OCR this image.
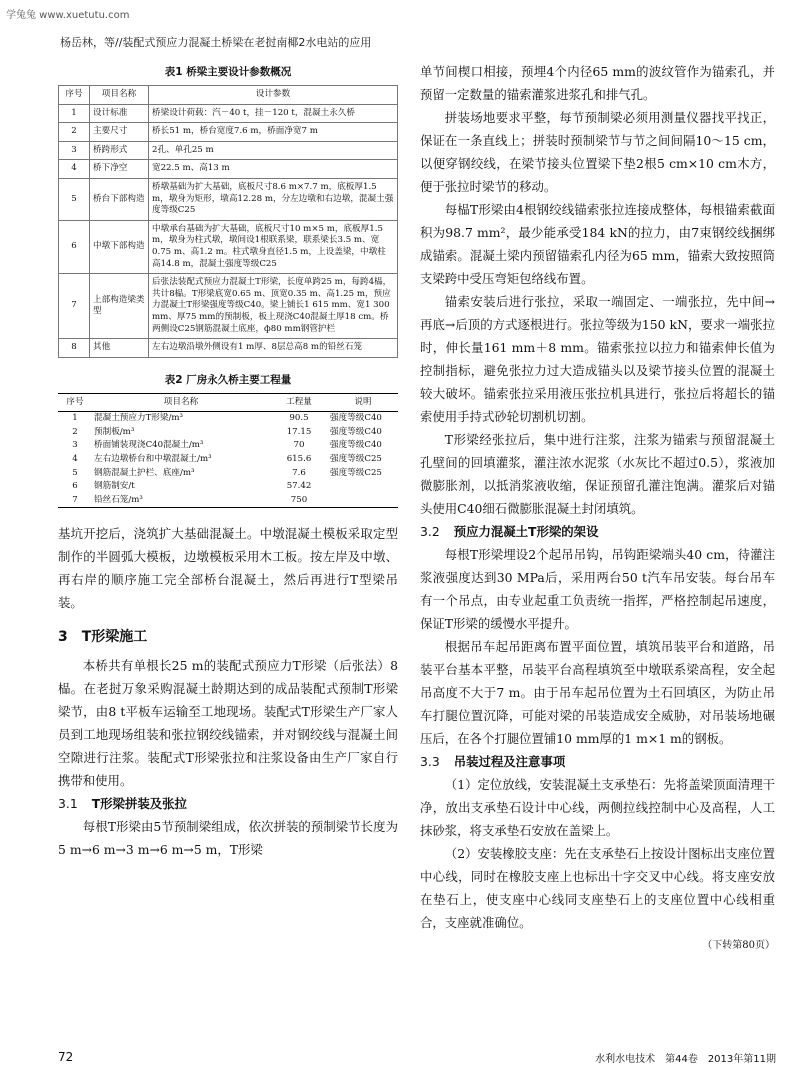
学兔兔 www.xuetutu.com
杨岳林，等//装配式预应力混凝土桥梁在老挝南椰2水电站的应用
表1 桥梁主要设计参数概况
序号	项目名称	设计参数
1	设计标准	桥梁设计荷载：汽－40 t，挂－120 t，混凝土永久桥
2	主要尺寸	桥长51 m，桥台宽度7.6 m，桥面净宽7 m
3	桥跨形式	2孔、单孔25 m
4	桥下净空	宽22.5 m、高13 m
5	桥台下部构造	桥墩基础为扩大基础，底板尺寸8.6 m×7.7 m，底板厚1.5 m，墩身为矩形，墩高12.28 m，分左边墩和右边墩，混凝土强度等级C25
6	中墩下部构造	中墩承台基础为扩大基础，底板尺寸10 m×5 m，底板厚1.5 m，墩身为柱式墩，墩间设1根联系梁，联系梁长3.5 m、宽0.75 m、高1.2 m。柱式墩身直径1.5 m，上设盖梁，中墩柱高14.8 m，混凝土强度等级C25
7	上部构造梁类型	后张法装配式预应力混凝土T形梁，长度单跨25 m，每跨4榀，共计8榀。T形梁底宽0.65 m、顶宽0.35 m、高1.25 m，预应力混凝土T形梁强度等级C40。梁上铺长1 615 mm、宽1 300 mm、厚75 mm的预制板，板上现浇C40混凝土厚18 cm。桥两侧设C25钢筋混凝土底座，ф80 mm钢管护栏
8	其他	左右边墩沿墩外侧设有1 m厚、8层总高8 m的铅丝石笼
表2 厂房永久桥主要工程量
序号	项目名称	工程量	说明
1	混凝土预应力T形梁/m³	90.5	强度等级C40
2	预制板/m³	17.15	强度等级C40
3	桥面铺装现浇C40混凝土/m³	70	强度等级C40
4	左右边墩桥台和中墩混凝土/m³	615.6	强度等级C25
5	钢筋混凝土护栏、底座/m³	7.6	强度等级C25
6	钢筋制安/t	57.42	
7	铅丝石笼/m³	750	

基坑开挖后，浇筑扩大基础混凝土。中墩混凝土模板采取定型制作的半圆弧大模板，边墩模板采用木工板。按左岸及中墩、再右岸的顺序施工完全部桥台混凝土，然后再进行T型梁吊装。

3　T形梁施工

本桥共有单根长25 m的装配式预应力T形梁（后张法）8榀。在老挝万象采购混凝土龄期达到的成品装配式预制T形梁梁节，由8 t平板车运输至工地现场。装配式T形梁生产厂家人员到工地现场组装和张拉钢绞线锚索，并对钢绞线与混凝土间空隙进行注浆。装配式T形梁张拉和注浆设备由生产厂家自行携带和使用。

3.1 T形梁拼装及张拉

每根T形梁由5节预制梁组成，依次拼装的预制梁节长度为5 m→6 m→3 m→6 m→5 m，T形梁

单节间楔口相接，预埋4个内径65 mm的波纹管作为锚索孔，并预留一定数量的锚索灌浆进浆孔和排气孔。

拼装场地要求平整，每节预制梁必须用测量仪器找平找正，保证在一条直线上；拼装时预制梁节与节之间间隔10～15 cm，以便穿钢绞线，在梁节接头位置梁下垫2根5 cm×10 cm木方，便于张拉时梁节的移动。

每榀T形梁由4根钢绞线锚索张拉连接成整体，每根锚索截面积为98.7 mm²，最少能承受184 kN的拉力，由7束钢绞线捆绑成锚索。混凝土梁内预留锚索孔内径为65 mm，锚索大致按照筒支梁跨中受压弯矩包络线布置。

锚索安装后进行张拉，采取一端固定、一端张拉，先中间→再底→后顶的方式逐根进行。张拉等级为150 kN，要求一端张拉时，伸长量161 mm＋8 mm。锚索张拉以拉力和锚索伸长值为控制指标，避免张拉力过大造成锚头以及梁节接头位置的混凝土较大破坏。锚索张拉采用液压张拉机具进行，张拉后将超长的锚索使用手持式砂轮切割机切割。

T形梁经张拉后，集中进行注浆，注浆为锚索与预留混凝土孔壁间的回填灌浆，灌注浓水泥浆（水灰比不超过0.5），浆液加微膨胀剂，以抵消浆液收缩，保证预留孔灌注饱满。灌浆后对锚头使用C40细石微膨胀混凝土封闭填筑。

3.2 预应力混凝土T形梁的架设

每根T形梁埋设2个起吊吊钩，吊钩距梁端头40 cm，待灌注浆液强度达到30 MPa后，采用两台50 t汽车吊安装。每台吊车有一个吊点，由专业起重工负责统一指挥，严格控制起吊速度，保证T形梁的缓慢水平提升。

根据吊车起吊距离布置平面位置，填筑吊装平台和道路，吊装平台基本平整，吊装平台高程填筑至中墩联系梁高程，安全起吊高度不大于7 m。由于吊车起吊位置为土石回填区，为防止吊车打腿位置沉降，可能对梁的吊装造成安全威胁，对吊装场地碾压后，在各个打腿位置铺10 mm厚的1 m×1 m的钢板。

3.3 吊装过程及注意事项

（1）定位放线，安装混凝土支承垫石：先将盖梁顶面清理干净，放出支承垫石设计中心线，两侧拉线控制中心及高程，人工抹砂浆，将支承垫石安放在盖梁上。

（2）安装橡胶支座：先在支承垫石上按设计图标出支座位置中心线，同时在橡胶支座上也标出十字交叉中心线。将支座安放在垫石上，使支座中心线同支座垫石上的支座位置中心线相重合，支座就准确位。

（下转第80页）
72	水利水电技术　第44卷　2013年第11期
